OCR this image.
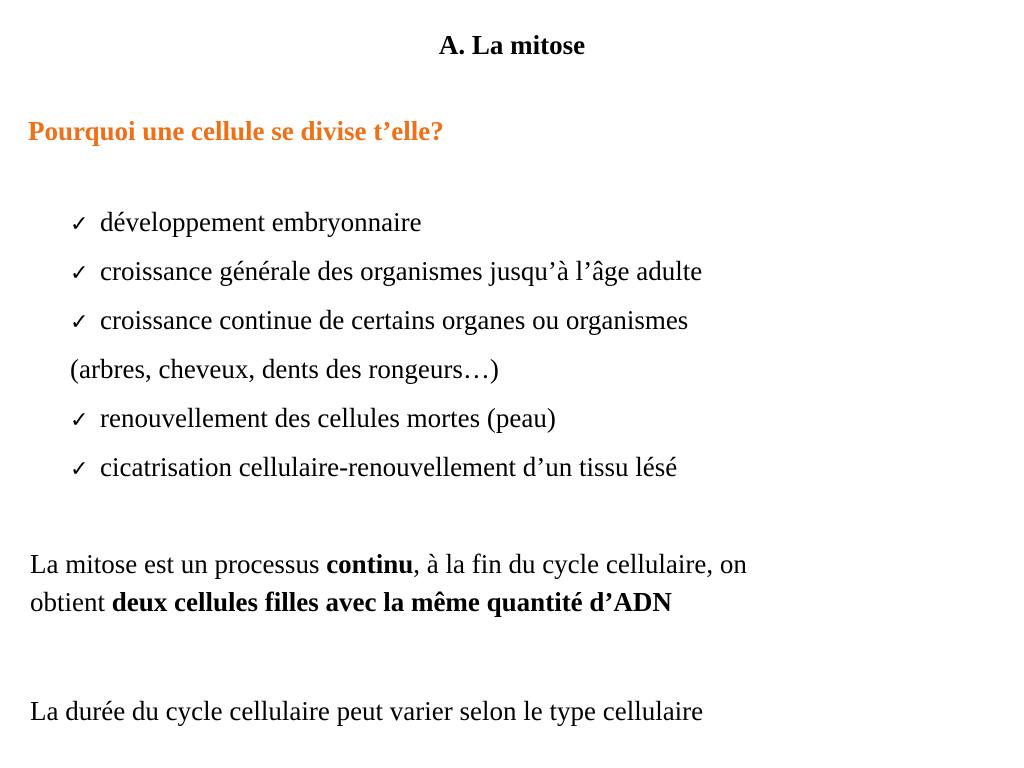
A. La mitose
Pourquoi une cellule se divise t’elle?
✓ développement embryonnaire
✓ croissance générale des organismes jusqu’à l’âge adulte
✓ croissance continue de certains organes ou organismes
(arbres, cheveux, dents des rongeurs…)
✓ renouvellement des cellules mortes (peau)
✓ cicatrisation cellulaire-renouvellement d’un tissu lésé
La mitose est un processus continu, à la fin du cycle cellulaire, on
obtient deux cellules filles avec la même quantité d’ADN
La durée du cycle cellulaire peut varier selon le type cellulaire
